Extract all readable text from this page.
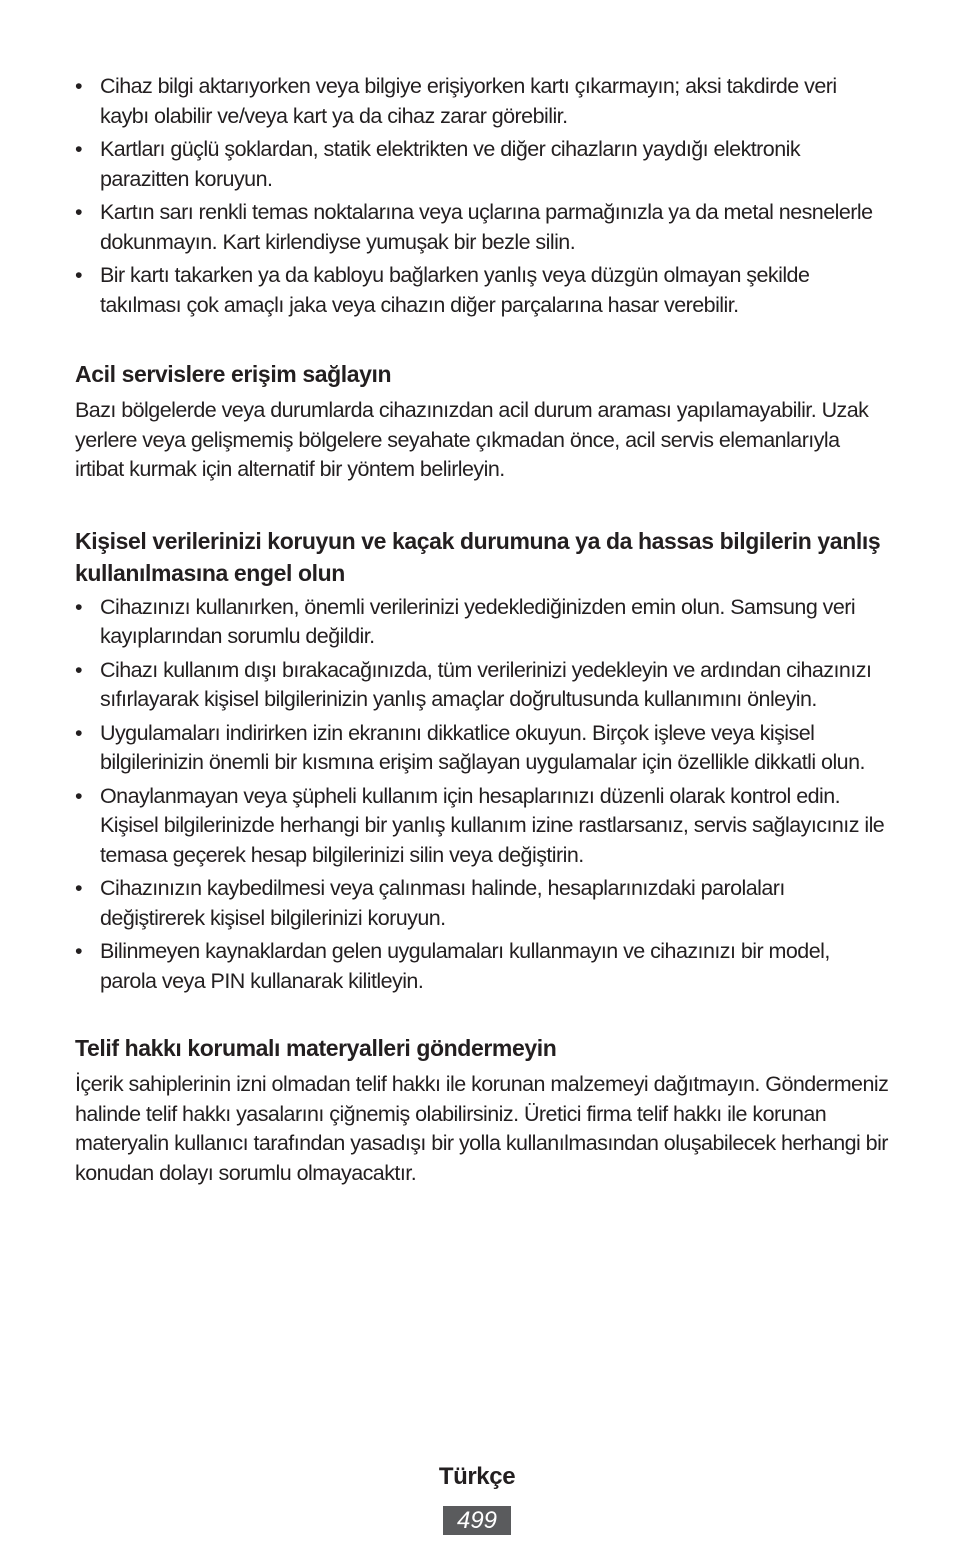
• Cihaz bilgi aktarıyorken veya bilgiye erişiyorken kartı çıkarmayın; aksi takdirde veri kaybı olabilir ve/veya kart ya da cihaz zarar görebilir.
• Kartları güçlü şoklardan, statik elektrikten ve diğer cihazların yaydığı elektronik parazitten koruyun.
• Kartın sarı renkli temas noktalarına veya uçlarına parmağınızla ya da metal nesnelerle dokunmayın. Kart kirlendiyse yumuşak bir bezle silin.
• Bir kartı takarken ya da kabloyu bağlarken yanlış veya düzgün olmayan şekilde takılması çok amaçlı jaka veya cihazın diğer parçalarına hasar verebilir.
Acil servislere erişim sağlayın

Bazı bölgelerde veya durumlarda cihazınızdan acil durum araması yapılamayabilir. Uzak yerlere veya gelişmemiş bölgelere seyahate çıkmadan önce, acil servis elemanlarıyla irtibat kurmak için alternatif bir yöntem belirleyin.

Kişisel verilerinizi koruyun ve kaçak durumuna ya da hassas bilgilerin yanlış kullanılmasına engel olun
• Cihazınızı kullanırken, önemli verilerinizi yedeklediğinizden emin olun. Samsung veri kayıplarından sorumlu değildir.
• Cihazı kullanım dışı bırakacağınızda, tüm verilerinizi yedekleyin ve ardından cihazınızı sıfırlayarak kişisel bilgilerinizin yanlış amaçlar doğrultusunda kullanımını önleyin.
• Uygulamaları indirirken izin ekranını dikkatlice okuyun. Birçok işleve veya kişisel bilgilerinizin önemli bir kısmına erişim sağlayan uygulamalar için özellikle dikkatli olun.
• Onaylanmayan veya şüpheli kullanım için hesaplarınızı düzenli olarak kontrol edin. Kişisel bilgilerinizde herhangi bir yanlış kullanım izine rastlarsanız, servis sağlayıcınız ile temasa geçerek hesap bilgilerinizi silin veya değiştirin.
• Cihazınızın kaybedilmesi veya çalınması halinde, hesaplarınızdaki parolaları değiştirerek kişisel bilgilerinizi koruyun.
• Bilinmeyen kaynaklardan gelen uygulamaları kullanmayın ve cihazınızı bir model, parola veya PIN kullanarak kilitleyin.
Telif hakkı korumalı materyalleri göndermeyin

İçerik sahiplerinin izni olmadan telif hakkı ile korunan malzemeyi dağıtmayın. Göndermeniz halinde telif hakkı yasalarını çiğnemiş olabilirsiniz. Üretici firma telif hakkı ile korunan materyalin kullanıcı tarafından yasadışı bir yolla kullanılmasından oluşabilecek herhangi bir konudan dolayı sorumlu olmayacaktır.

Türkçe
499
